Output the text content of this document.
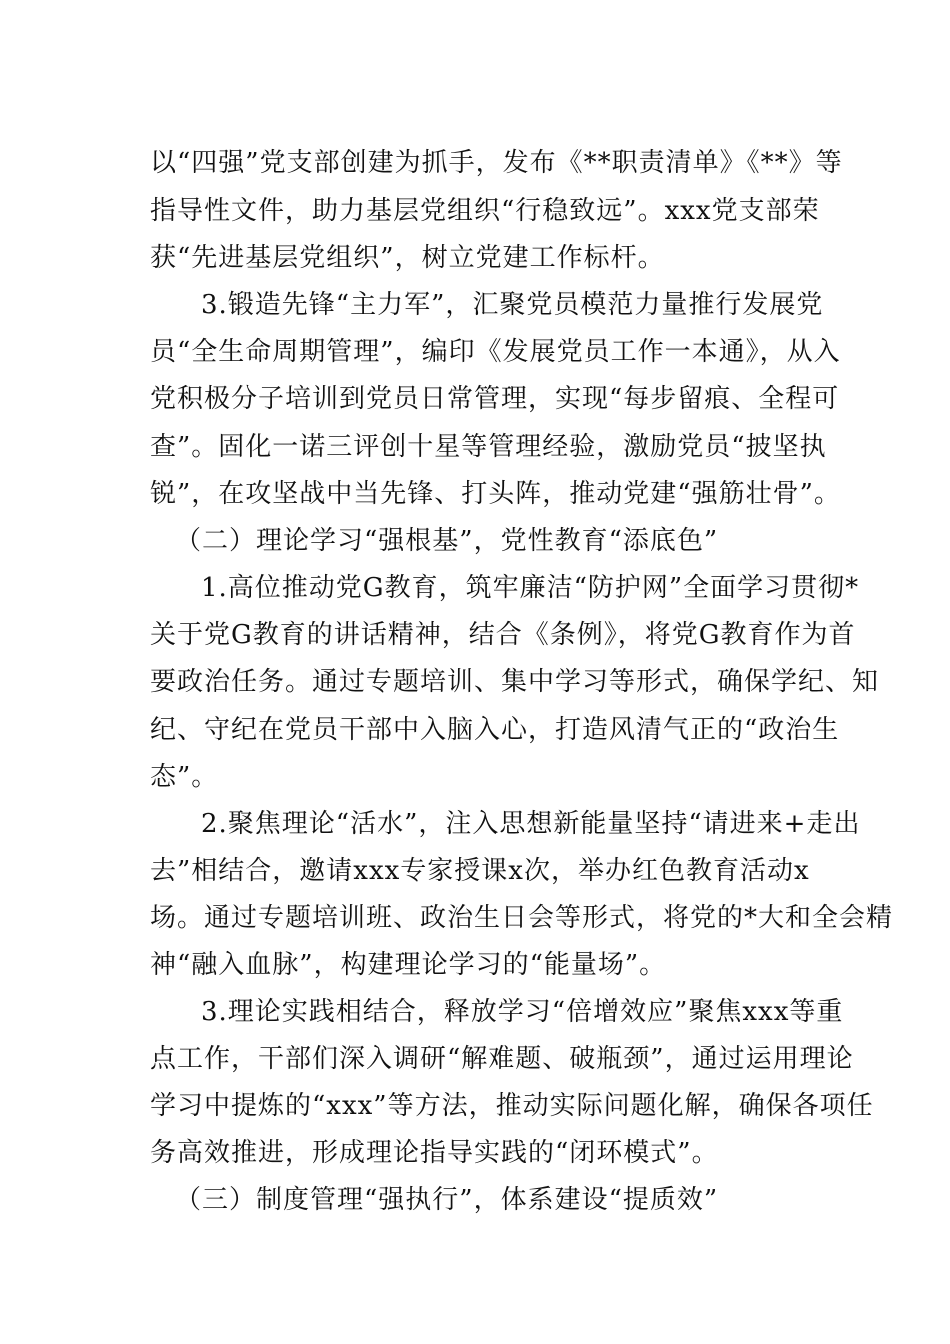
以“四强”党支部创建为抓手，发布《**职责清单》《**》等
指导性文件，助力基层党组织“行稳致远”。xxx党支部荣
获“先进基层党组织”，树立党建工作标杆。
3.锻造先锋“主力军”，汇聚党员模范力量推行发展党
员“全生命周期管理”，编印《发展党员工作一本通》，从入
党积极分子培训到党员日常管理，实现“每步留痕、全程可
查”。固化一诺三评创十星等管理经验，激励党员“披坚执
锐”，在攻坚战中当先锋、打头阵，推动党建“强筋壮骨”。
（二）理论学习“强根基”，党性教育“添底色”
1.高位推动党G教育，筑牢廉洁“防护网”全面学习贯彻*
关于党G教育的讲话精神，结合《条例》，将党G教育作为首
要政治任务。通过专题培训、集中学习等形式，确保学纪、知
纪、守纪在党员干部中入脑入心，打造风清气正的“政治生
态”。
2.聚焦理论“活水”，注入思想新能量坚持“请进来+走出
去”相结合，邀请xxx专家授课x次，举办红色教育活动x
场。通过专题培训班、政治生日会等形式，将党的*大和全会精
神“融入血脉”，构建理论学习的“能量场”。
3.理论实践相结合，释放学习“倍增效应”聚焦xxx等重
点工作，干部们深入调研“解难题、破瓶颈”，通过运用理论
学习中提炼的“xxx”等方法，推动实际问题化解，确保各项任
务高效推进，形成理论指导实践的“闭环模式”。
（三）制度管理“强执行”，体系建设“提质效”
